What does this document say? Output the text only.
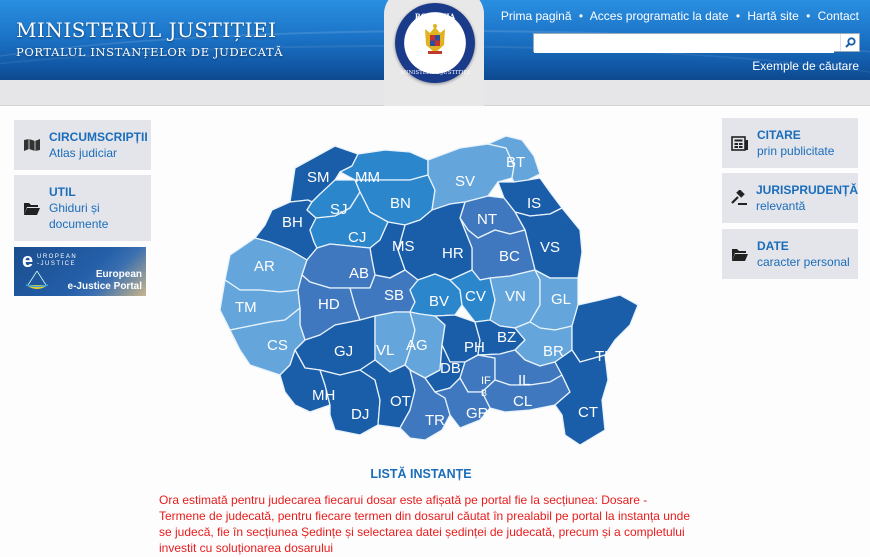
MINISTERUL JUSTIȚIEI
PORTALUL INSTANȚELOR DE JUDECATĂ
Prima pagină • Acces programatic la date • Hartă site • Contact
Exemple de căutare
ROMANIA
MINISTERUL JUSTITIEI
CIRCUMSCRIPȚII
Atlas judiciar
UTIL
Ghiduri și documente
e UROPEAN
-JUSTICE
European
e-Justice Portal
CITARE
prin publicitate
JURISPRUDENȚĂ
relevantă
DATE
caracter personal
SM MM
BN
SJ
CJ
BH
SV
BT
IS
VS
NT
BC
HR
MS
AR	AB
TM	HD
SB BV CV VN GL
CS	GJ VL AG PH
BZ
BR TL
DB
IF
B
IL
MH
DJ
OT
TR GR
CL
CT
LISTĂ INSTANȚE
Ora estimată pentru judecarea fiecarui dosar este afișată pe portal fie la secțiunea: Dosare - Termene de judecată, pentru fiecare termen din dosarul căutat în prealabil pe portal la instanța unde se judecă, fie în secțiunea Ședințe și selectarea datei ședinței de judecată, precum și a completului investit cu soluționarea dosarului
